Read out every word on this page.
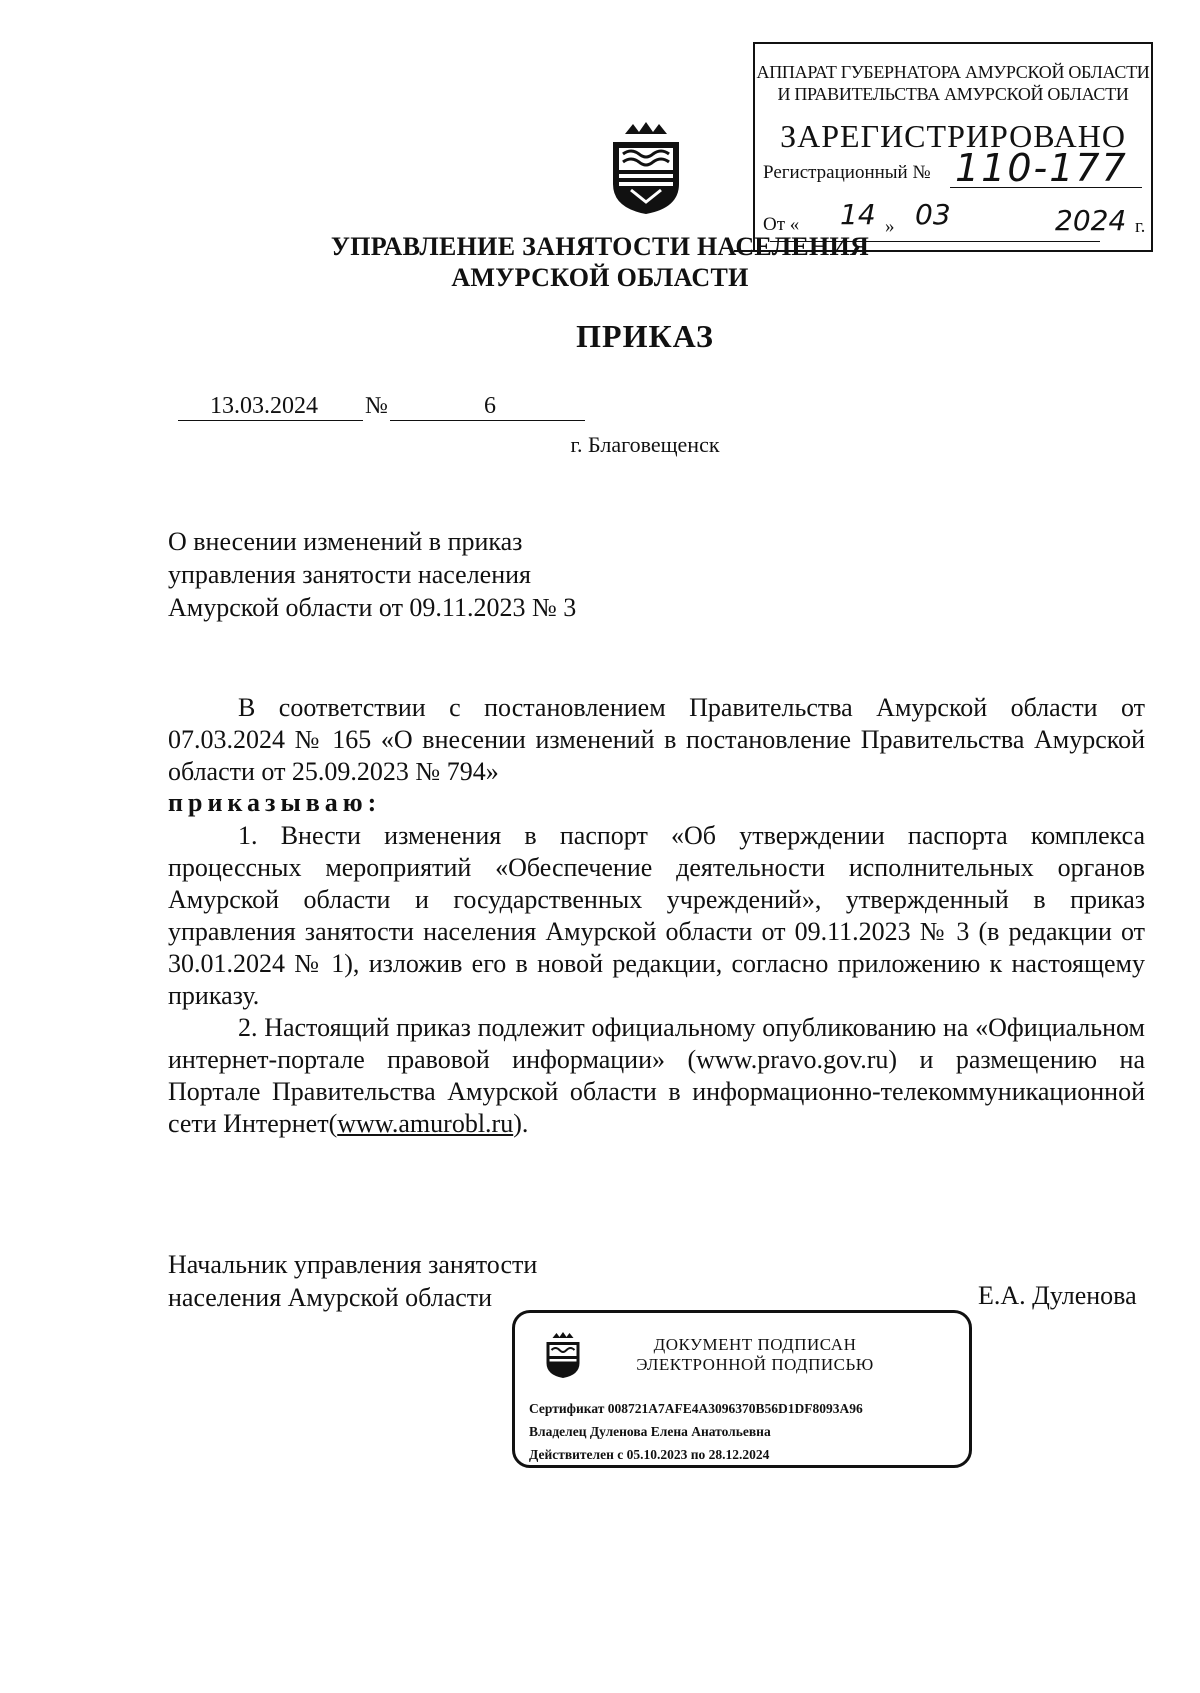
АППАРАТ ГУБЕРНАТОРА АМУРСКОЙ ОБЛАСТИ
И ПРАВИТЕЛЬСТВА АМУРСКОЙ ОБЛАСТИ
ЗАРЕГИСТРИРОВАНО
Регистрационный № 110-177
От « 14 » 03	2024 г.
УПРАВЛЕНИЕ ЗАНЯТОСТИ НАСЕЛЕНИЯ
АМУРСКОЙ ОБЛАСТИ
ПРИКАЗ
13.03.2024 №	6
г. Благовещенск
О внесении изменений в приказ
управления занятости населения
Амурской области от 09.11.2023 № 3
В соответствии с постановлением Правительства Амурской области от 07.03.2024 № 165 «О внесении изменений в постановление Правительства Амурской области от 25.09.2023 № 794»
приказываю:
1. Внести изменения в паспорт «Об утверждении паспорта комплекса процессных мероприятий «Обеспечение деятельности исполнительных органов Амурской области и государственных учреждений», утвержденный в приказ управления занятости населения Амурской области от 09.11.2023 № 3 (в редакции от 30.01.2024 № 1), изложив его в новой редакции, согласно приложению к настоящему приказу.
2. Настоящий приказ подлежит официальному опубликованию на «Официальном интернет-портале правовой информации» (www.pravo.gov.ru) и размещению на Портале Правительства Амурской области в информационно-телекоммуникационной сети Интернет(www.amurobl.ru).
Начальник управления занятости
населения Амурской области	Е.А. Дуленова
ДОКУМЕНТ ПОДПИСАН
ЭЛЕКТРОННОЙ ПОДПИСЬЮ
Сертификат 008721A7AFE4A3096370B56D1DF8093A96
Владелец Дуленова Елена Анатольевна
Действителен с 05.10.2023 по 28.12.2024
